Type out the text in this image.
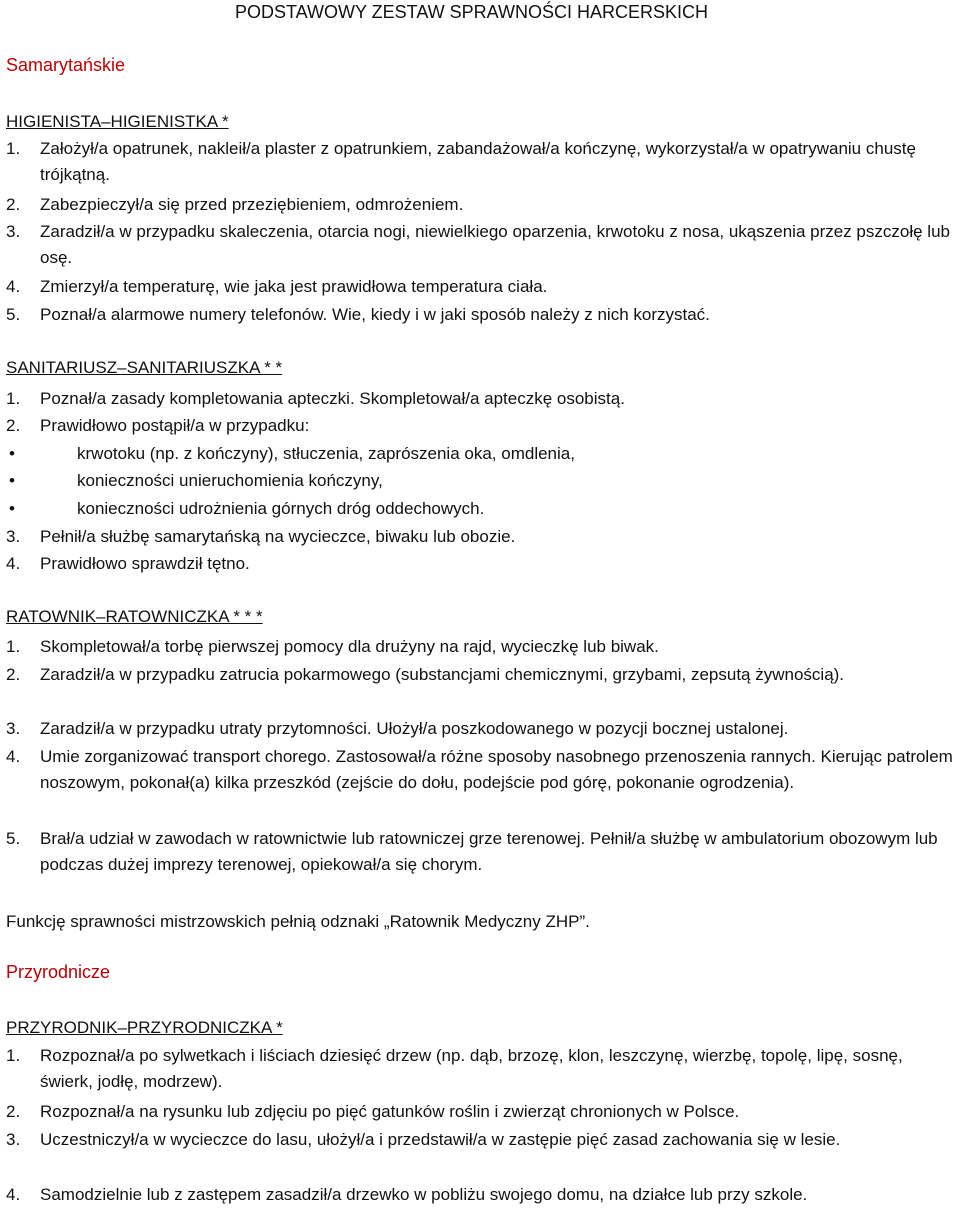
PODSTAWOWY ZESTAW SPRAWNOŚCI HARCERSKICH
Samarytańskie
HIGIENISTA–HIGIENISTKA *
1. Założył/a opatrunek, nakleił/a plaster z opatrunkiem, zabandażował/a kończynę, wykorzystał/a w opatrywaniu chustę trójkątną.
2. Zabezpieczył/a się przed przeziębieniem, odmrożeniem.
3. Zaradził/a w przypadku skaleczenia, otarcia nogi, niewielkiego oparzenia, krwotoku z nosa, ukąszenia przez pszczołę lub osę.
4. Zmierzył/a temperaturę, wie jaka jest prawidłowa temperatura ciała.
5. Poznał/a alarmowe numery telefonów. Wie, kiedy i w jaki sposób należy z nich korzystać.
SANITARIUSZ–SANITARIUSZKA * *
1. Poznał/a zasady kompletowania apteczki. Skompletował/a apteczkę osobistą.
2. Prawidłowo postąpił/a w przypadku:
•	krwotoku (np. z kończyny), stłuczenia, zaprószenia oka, omdlenia,
•	konieczności unieruchomienia kończyny,
•	konieczności udrożnienia górnych dróg oddechowych.
3. Pełnił/a służbę samarytańską na wycieczce, biwaku lub obozie.
4. Prawidłowo sprawdził tętno.
RATOWNIK–RATOWNICZKA * * *
1. Skompletował/a torbę pierwszej pomocy dla drużyny na rajd, wycieczkę lub biwak.
2. Zaradził/a w przypadku zatrucia pokarmowego (substancjami chemicznymi, grzybami, zepsutą żywnością).
3. Zaradził/a w przypadku utraty przytomności. Ułożył/a poszkodowanego w pozycji bocznej ustalonej.
4. Umie zorganizować transport chorego. Zastosował/a różne sposoby nasobnego przenoszenia rannych. Kierując patrolem noszowym, pokonał(a) kilka przeszkód (zejście do dołu, podejście pod górę, pokonanie ogrodzenia).
5. Brał/a udział w zawodach w ratownictwie lub ratowniczej grze terenowej. Pełnił/a służbę w ambulatorium obozowym lub podczas dużej imprezy terenowej, opiekował/a się chorym.
Funkcję sprawności mistrzowskich pełnią odznaki „Ratownik Medyczny ZHP”.
Przyrodnicze
PRZYRODNIK–PRZYRODNICZKA *
1. Rozpoznał/a po sylwetkach i liściach dziesięć drzew (np. dąb, brzozę, klon, leszczynę, wierzbę, topolę, lipę, sosnę, świerk, jodłę, modrzew).
2. Rozpoznał/a na rysunku lub zdjęciu po pięć gatunków roślin i zwierząt chronionych w Polsce.
3. Uczestniczył/a w wycieczce do lasu, ułożył/a i przedstawił/a w zastępie pięć zasad zachowania się w lesie.
4. Samodzielnie lub z zastępem zasadził/a drzewko w pobliżu swojego domu, na działce lub przy szkole.
